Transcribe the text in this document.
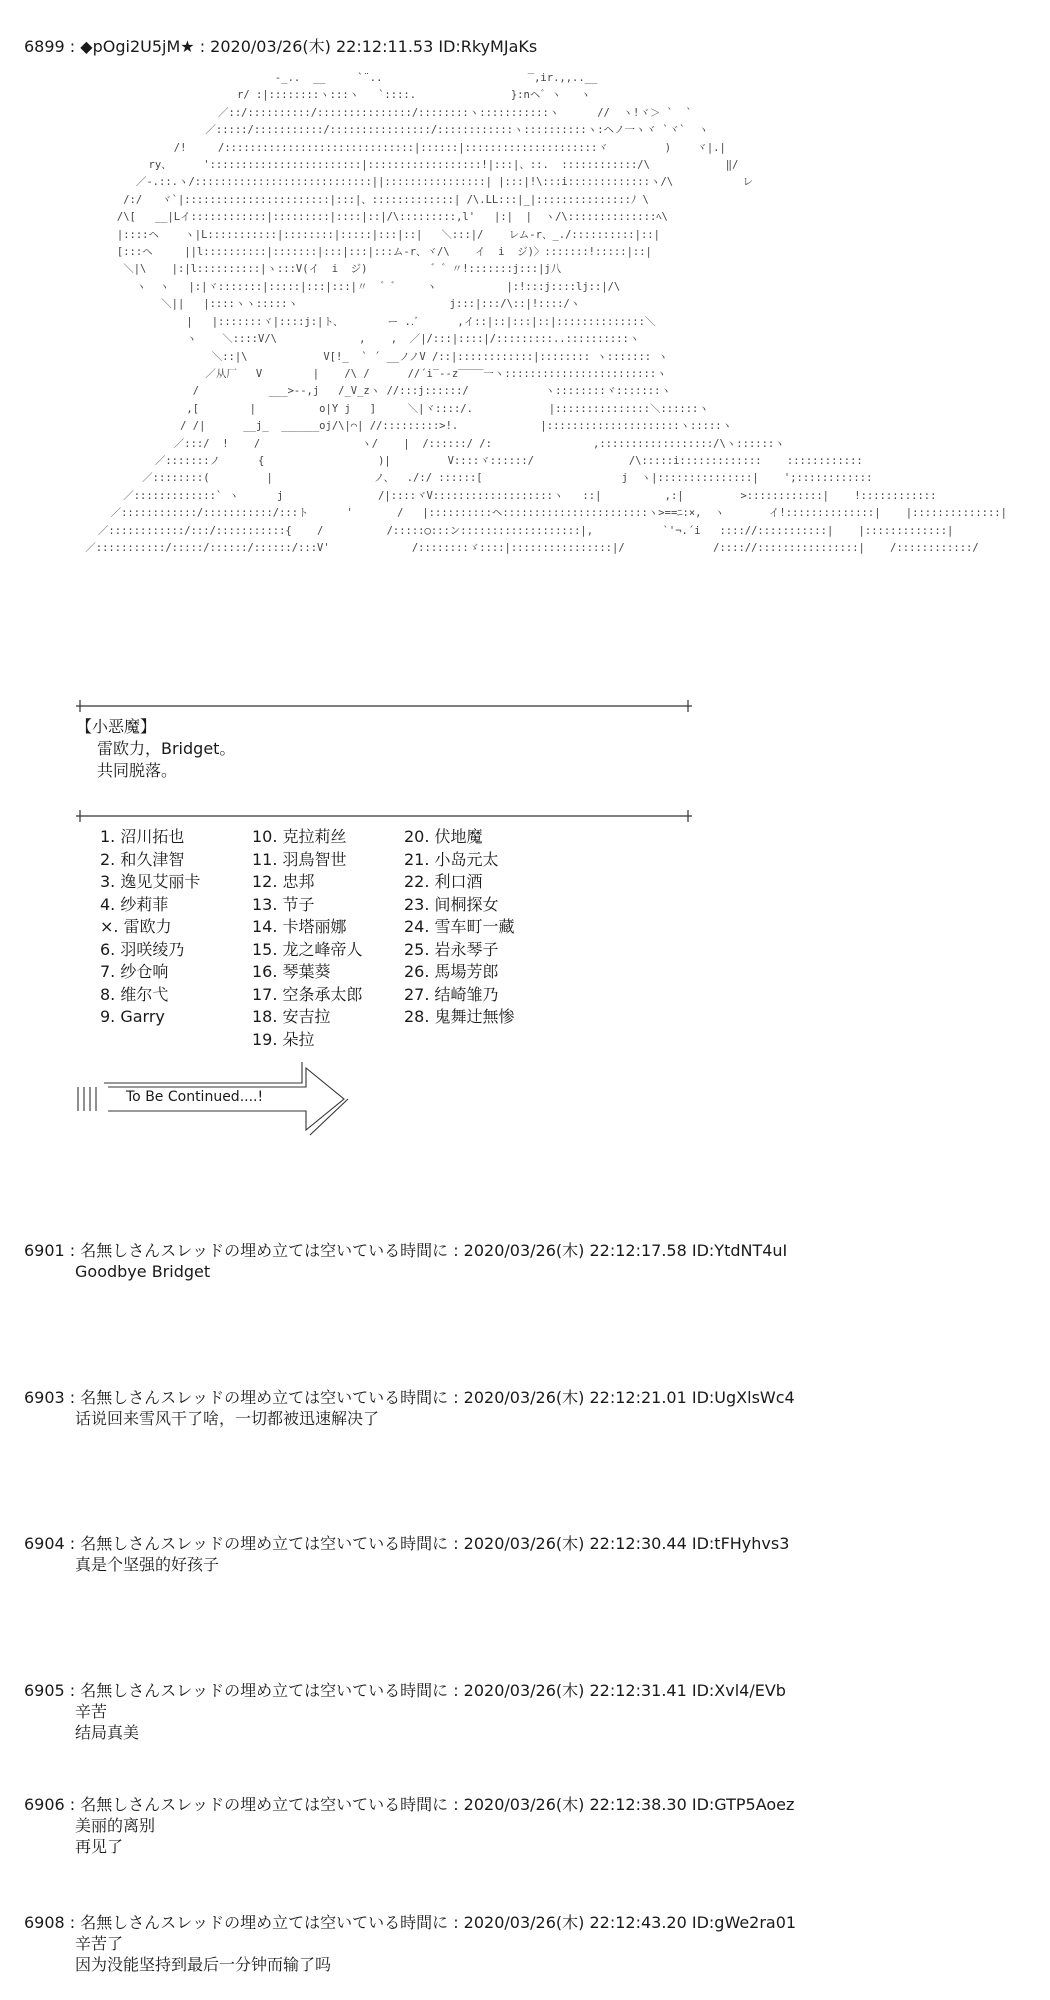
6899 : ◆pOgi2U5jM★ : 2020/03/26(木) 22:12:11.53 ID:RkyMJaKs
-_..  __     `¨..                       ‾,ir.,,..__
r/ :|::::::::ヽ:::ヽ   `::::.               }:nヘ゛ヽ   ヽ
／::/::::::::::/:::::::::::::::/::::::::ヽ:::::::::::ヽ      //  ヽ!ヾ＞ `  `
／:::::/:::::::::::/::::::::::::::::/::::::::::::ヽ::::::::::ヽ:ヘノ一ヽヾ `ヾ`  ヽ
/!     /::::::::::::::::::::::::::::::|::::::|:::::::::::::::::::::ヾ         )    ヾ|.|
ry、     '::::::::::::::::::::::::|::::::::::::::::::!|:::|、::.  ::::::::::::/\            ‖/
／-.::.ヽ/::::::::::::::::::::::::::::||::::::::::::::::| |:::|!\:::i:::::::::::::ヽ/\           レ
/:/   ヾ`|:::::::::::::::::::::::|:::|、:::::::::::::| /\.LL:::|_|:::::::::::::::ﾉ \
/\[   __|Lイ::::::::::::|:::::::::|::::|::|/\:::::::::,l'   |:|  |  ヽ/\::::::::::::::ﾍ\
|::::ヘ    ヽ|L:::::::::::|::::::::|:::::|:::|::|   ＼:::|/    レム-r、_./::::::::::|::|
[:::ヘ     ||l::::::::::|:::::::|:::|:::|:::ム-r、ヾ/\    イ  i  ジ)〉:::::::!:::::|::|
＼|\    |:|l::::::::::|ヽ:::V(イ  i  ジ)          ゛゛〃!:::::::j:::|j八
ヽ  ヽ   |:|ヾ:::::::|:::::|:::|:::|〃  ゛゛    ヽ           |:!:::j::::lj::|/\
＼||   |::::ヽヽ:::::ヽ                        j:::|:::/\::|!::::/ヽ
|   |:::::::ヾ|::::j:|ト、       ー ..ﾞ      ,イ::|::|:::|::|::::::::::::::＼
ヽ    ＼::::V/\             ,    ,  ／|/:::|::::|/:::::::::..::::::::::ヽ
＼::|\            V[!_  ` ´ __ノノV /::|::::::::::::|:::::::: ヽ::::::: ヽ
／从厂   V        |    /\ /      //´i‾--z‾‾‾‾一ヽ::::::::::::::::::::::::ヽ
/           ___>--,j   /_V_zヽ //:::j::::::/            ヽ::::::::ヾ:::::::ヽ
,[        |          o|Y j   ]     ＼|ヾ::::/.            |:::::::::::::::＼::::::ヽ
/ /|      __j_  ______oj/\|⌒| //:::::::::>!.             |:::::::::::::::::::::ヽ:::::ヽ
／:::/  !    /                ヽ/    |  /::::::/ /:                ,::::::::::::::::::/\ヽ::::::ヽ
／:::::::ノ      {                  )|         V::::ヾ::::::/               /\:::::i:::::::::::::    ::::::::::::
／::::::::(         |                ノ、  ./:/ ::::::[                      j  ヽ|:::::::::::::::|    ';::::::::::::
／:::::::::::::` ヽ      j               /|::::ヾV:::::::::::::::::::ヽ   ::|          ,:|         >::::::::::::|    !::::::::::::
／::::::::::::/:::::::::::/:::ト      '       /   |::::::::::ヘ:::::::::::::::::::::::ヽ>==ﾆ:×,  ヽ       イ!::::::::::::::|    |::::::::::::::|
／::::::::::::/:::/:::::::::::{    /          /:::::◯:::ン:::::::::::::::::::|,           `'¬.´i   :::://:::::::::::|    |:::::::::::::|
／:::::::::::/:::::/::::::/::::::/:::V'             /::::::::ゞ::::|::::::::::::::::|/              /:::://::::::::::::::::|    /::::::::::::/
【小恶魔】
雷欧力，Bridget。
共同脱落。
1. 沼川拓也
2. 和久津智
3. 逸见艾丽卡
4. 纱莉菲
×. 雷欧力
6. 羽咲绫乃
7. 纱仓响
8. 维尔弋
9. Garry
10. 克拉莉丝
11. 羽鳥智世
12. 忠邦
13. 节子
14. 卡塔丽娜
15. 龙之峰帝人
16. 琴葉葵
17. 空条承太郎
18. 安吉拉
19. 朵拉
20. 伏地魔
21. 小岛元太
22. 利口酒
23. 间桐探女
24. 雪车町一藏
25. 岩永琴子
26. 馬場芳郎
27. 结崎雏乃
28. 鬼舞辻無惨
To Be Continued....!
6901 : 名無しさんスレッドの埋め立ては空いている時間に : 2020/03/26(木) 22:12:17.58 ID:YtdNT4uI
Goodbye Bridget
6903 : 名無しさんスレッドの埋め立ては空いている時間に : 2020/03/26(木) 22:12:21.01 ID:UgXlsWc4
话说回来雪风干了啥，一切都被迅速解决了
6904 : 名無しさんスレッドの埋め立ては空いている時間に : 2020/03/26(木) 22:12:30.44 ID:tFHyhvs3
真是个坚强的好孩子
6905 : 名無しさんスレッドの埋め立ては空いている時間に : 2020/03/26(木) 22:12:31.41 ID:Xvl4/EVb
辛苦
结局真美
6906 : 名無しさんスレッドの埋め立ては空いている時間に : 2020/03/26(木) 22:12:38.30 ID:GTP5Aoez
美丽的离别
再见了
6908 : 名無しさんスレッドの埋め立ては空いている時間に : 2020/03/26(木) 22:12:43.20 ID:gWe2ra01
辛苦了
因为没能坚持到最后一分钟而输了吗
